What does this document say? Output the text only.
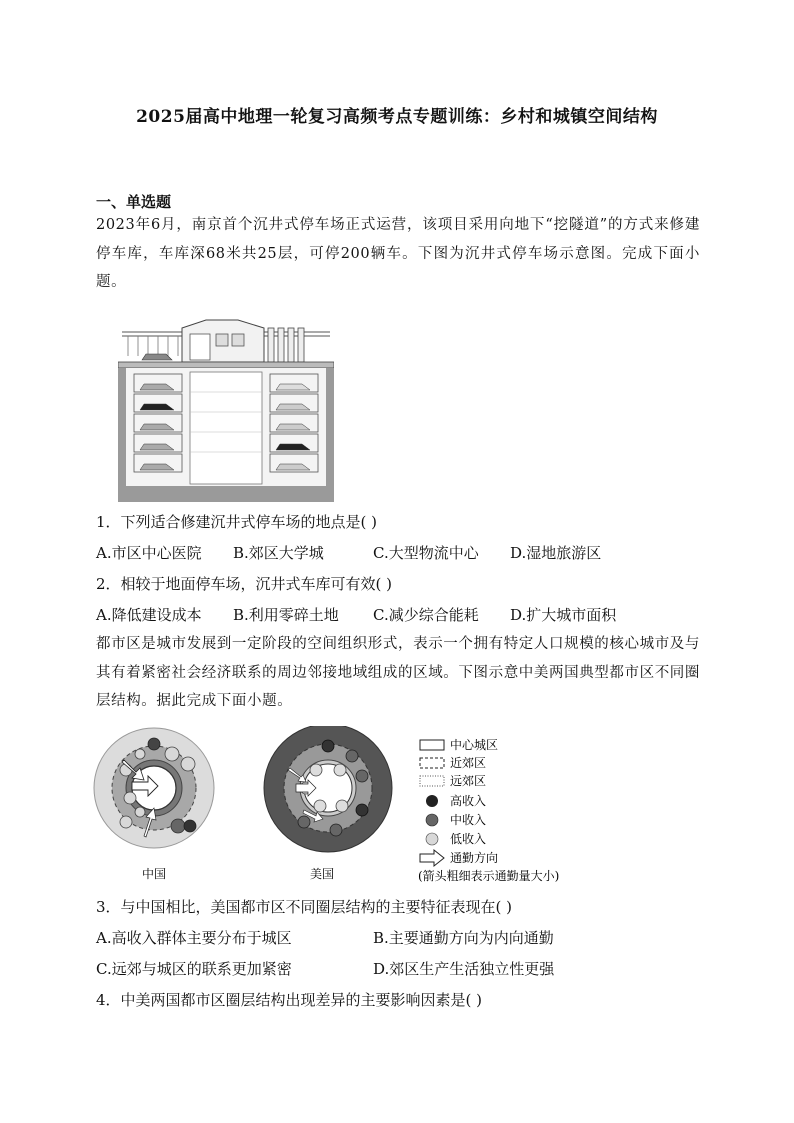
2025届高中地理一轮复习高频考点专题训练：乡村和城镇空间结构
一、单选题
2023年6月，南京首个沉井式停车场正式运营，该项目采用向地下“挖隧道”的方式来修建停车库，车库深68米共25层，可停200辆车。下图为沉井式停车场示意图。完成下面小题。
1．下列适合修建沉井式停车场的地点是( )
A.市区中心医院 B.郊区大学城	C.大型物流中心 D.湿地旅游区
2．相较于地面停车场，沉井式车库可有效( )
A.降低建设成本 B.利用零碎土地 C.减少综合能耗 D.扩大城市面积
都市区是城市发展到一定阶段的空间组织形式，表示一个拥有特定人口规模的核心城市及与其有着紧密社会经济联系的周边邻接地域组成的区域。下图示意中美两国典型都市区不同圈层结构。据此完成下面小题。
中国	美国
中心城区
近郊区
远郊区
高收入
中收入
低收入
通勤方向
(箭头粗细表示通勤量大小)
3．与中国相比，美国都市区不同圈层结构的主要特征表现在( )
A.高收入群体主要分布于城区	B.主要通勤方向为内向通勤
C.远郊与城区的联系更加紧密	D.郊区生产生活独立性更强
4．中美两国都市区圈层结构出现差异的主要影响因素是( )
